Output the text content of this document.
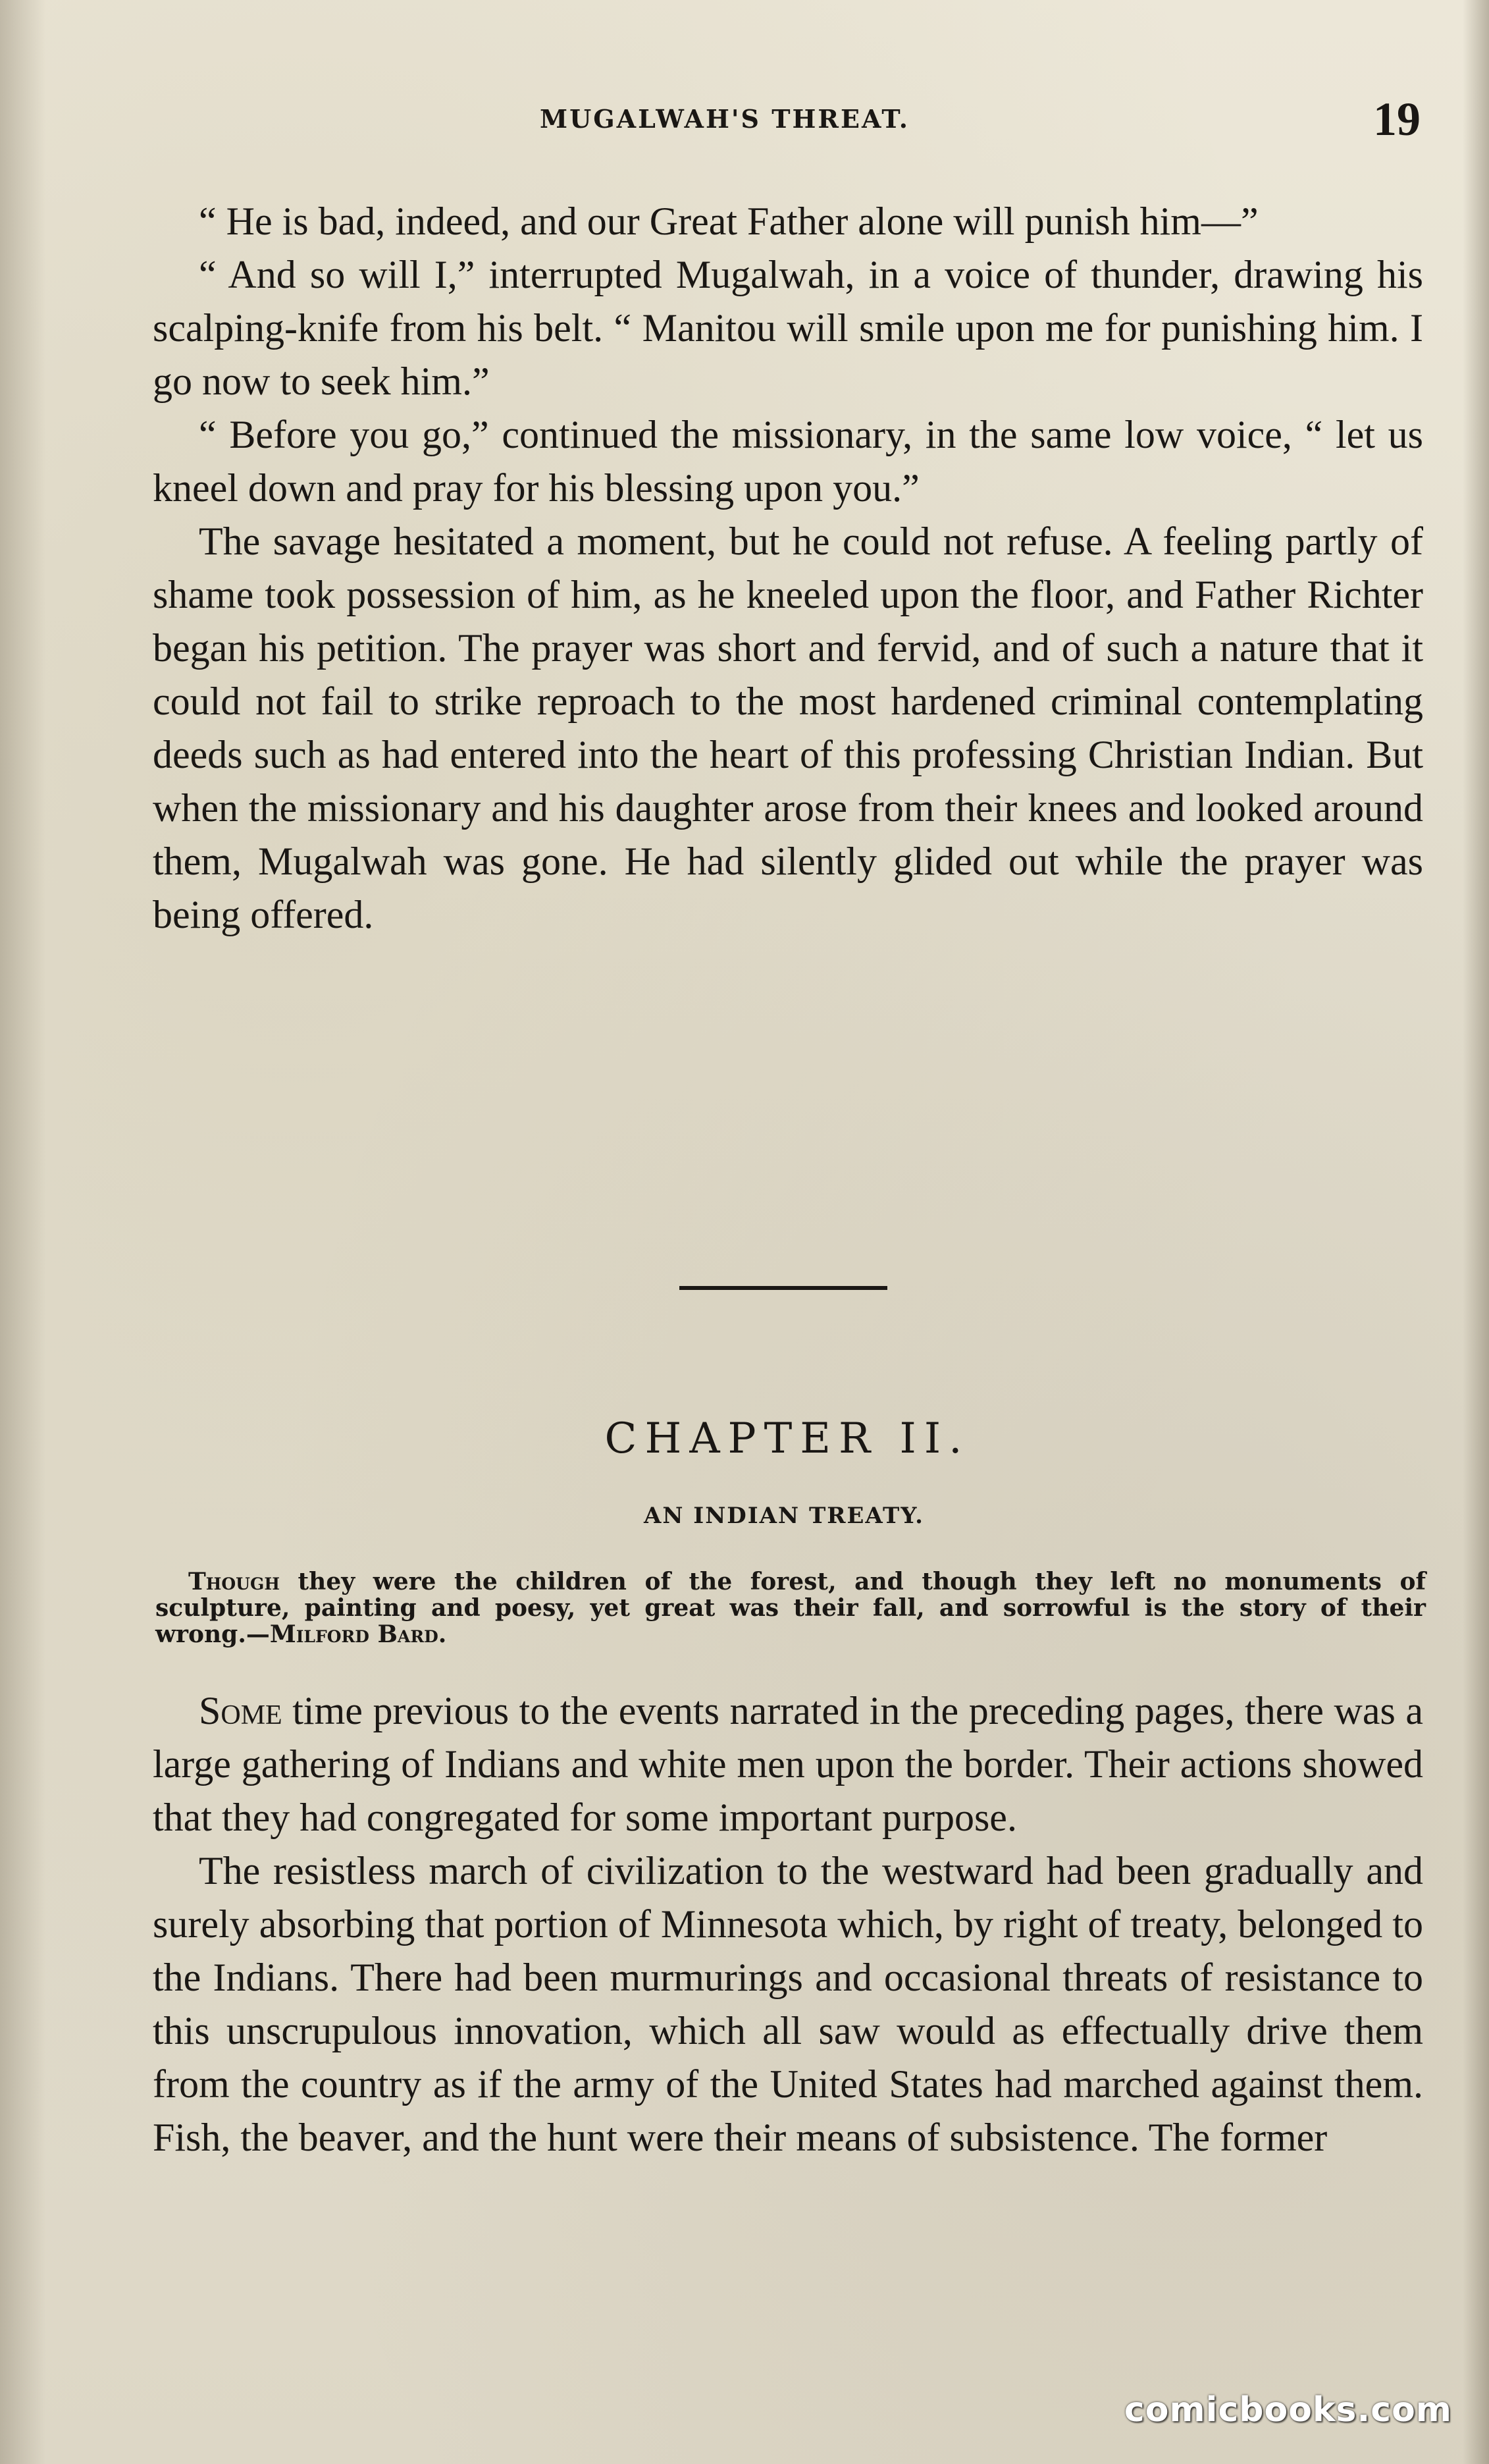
MUGALWAH'S THREAT.	19

“ He is bad, indeed, and our Great Father alone will punish him—”

“ And so will I,” interrupted Mugalwah, in a voice of thunder, drawing his scalping-knife from his belt. “ Manitou will smile upon me for punishing him. I go now to seek him.”

“ Before you go,” continued the missionary, in the same low voice, “ let us kneel down and pray for his blessing upon you.”

The savage hesitated a moment, but he could not refuse. A feeling partly of shame took possession of him, as he kneeled upon the floor, and Father Richter began his petition. The prayer was short and fervid, and of such a nature that it could not fail to strike reproach to the most hardened criminal contemplating deeds such as had entered into the heart of this professing Christian Indian. But when the missionary and his daughter arose from their knees and looked around them, Mugalwah was gone. He had silently glided out while the prayer was being offered.

CHAPTER II.
AN INDIAN TREATY.

Though they were the children of the forest, and though they left no monuments of sculpture, painting and poesy, yet great was their fall, and sorrowful is the story of their wrong.—Milford Bard.

Some time previous to the events narrated in the preceding pages, there was a large gathering of Indians and white men upon the border. Their actions showed that they had congregated for some important purpose.

The resistless march of civilization to the westward had been gradually and surely absorbing that portion of Minnesota which, by right of treaty, belonged to the Indians. There had been murmurings and occasional threats of resistance to this unscrupulous innovation, which all saw would as effectually drive them from the country as if the army of the United States had marched against them. Fish, the beaver, and the hunt were their means of subsistence. The former

comicbooks.com
